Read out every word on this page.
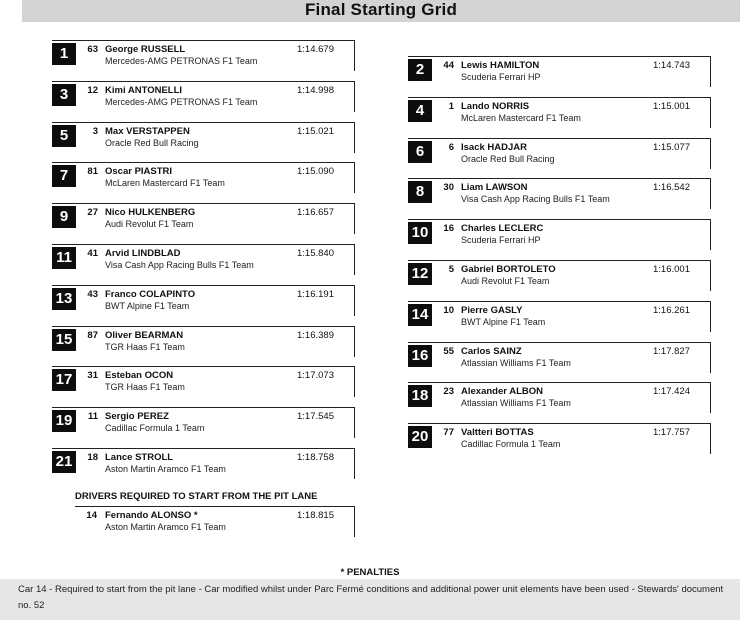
Final Starting Grid
1	63 George RUSSELL
Mercedes-AMG PETRONAS F1 Team
1:14.679
3	12 Kimi ANTONELLI
Mercedes-AMG PETRONAS F1 Team
1:14.998
5	3 Max VERSTAPPEN
Oracle Red Bull Racing
1:15.021
7	81 Oscar PIASTRI
McLaren Mastercard F1 Team
1:15.090
9	27 Nico HULKENBERG
Audi Revolut F1 Team
1:16.657
11	41 Arvid LINDBLAD
Visa Cash App Racing Bulls F1 Team
1:15.840
13	43 Franco COLAPINTO
BWT Alpine F1 Team
1:16.191
15	87 Oliver BEARMAN
TGR Haas F1 Team
1:16.389
17	31 Esteban OCON
TGR Haas F1 Team
1:17.073
19	11 Sergio PEREZ
Cadillac Formula 1 Team
1:17.545
21	18 Lance STROLL
Aston Martin Aramco F1 Team
1:18.758
2	44 Lewis HAMILTON
Scuderia Ferrari HP
1:14.743
4	1 Lando NORRIS
McLaren Mastercard F1 Team
1:15.001
6	6 Isack HADJAR
Oracle Red Bull Racing
1:15.077
8	30 Liam LAWSON
Visa Cash App Racing Bulls F1 Team
1:16.542
10	16 Charles LECLERC
Scuderia Ferrari HP
12	5 Gabriel BORTOLETO
Audi Revolut F1 Team
1:16.001
14	10 Pierre GASLY
BWT Alpine F1 Team
1:16.261
16	55 Carlos SAINZ
Atlassian Williams F1 Team
1:17.827
18	23 Alexander ALBON
Atlassian Williams F1 Team
1:17.424
20	77 Valtteri BOTTAS
Cadillac Formula 1 Team
1:17.757
DRIVERS REQUIRED TO START FROM THE PIT LANE
14 Fernando ALONSO *
Aston Martin Aramco F1 Team
1:18.815
* PENALTIES
Car 14 - Required to start from the pit lane - Car modified whilst under Parc Fermé conditions and additional power unit elements have been used - Stewards' document no. 52
